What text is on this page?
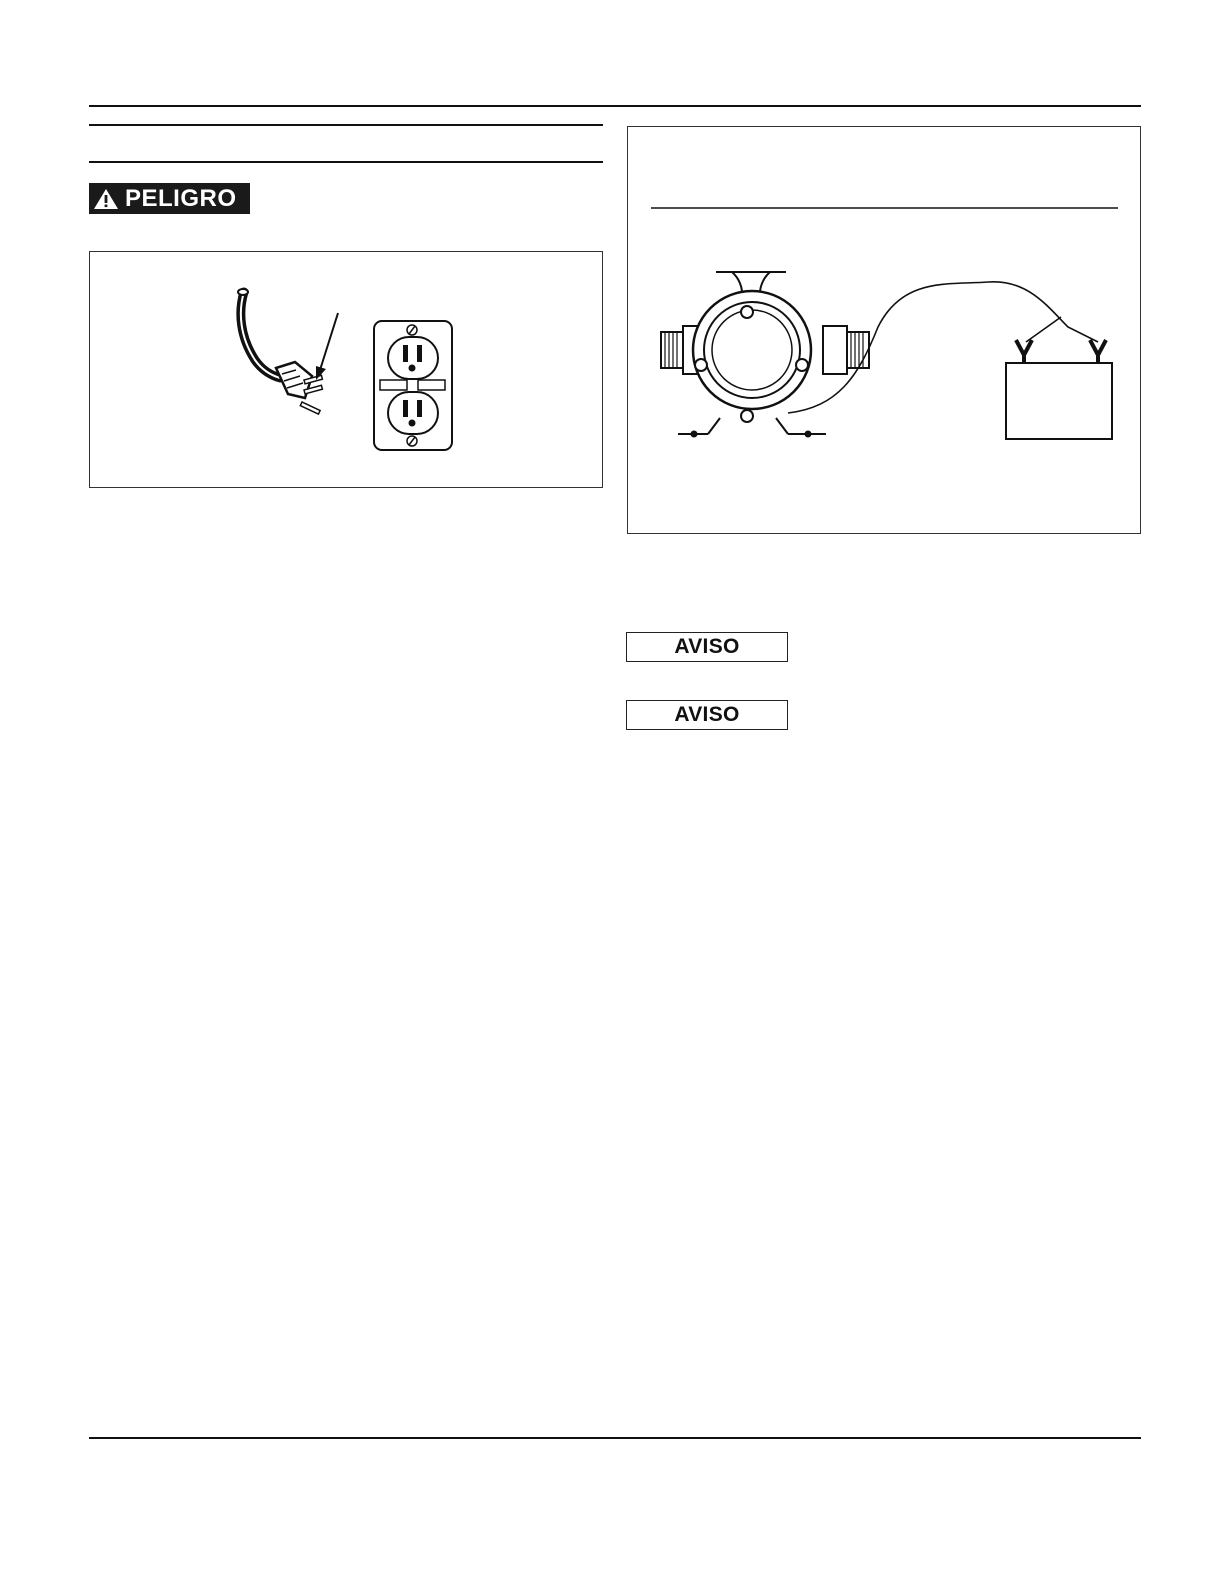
PELIGRO
AVISO
AVISO
